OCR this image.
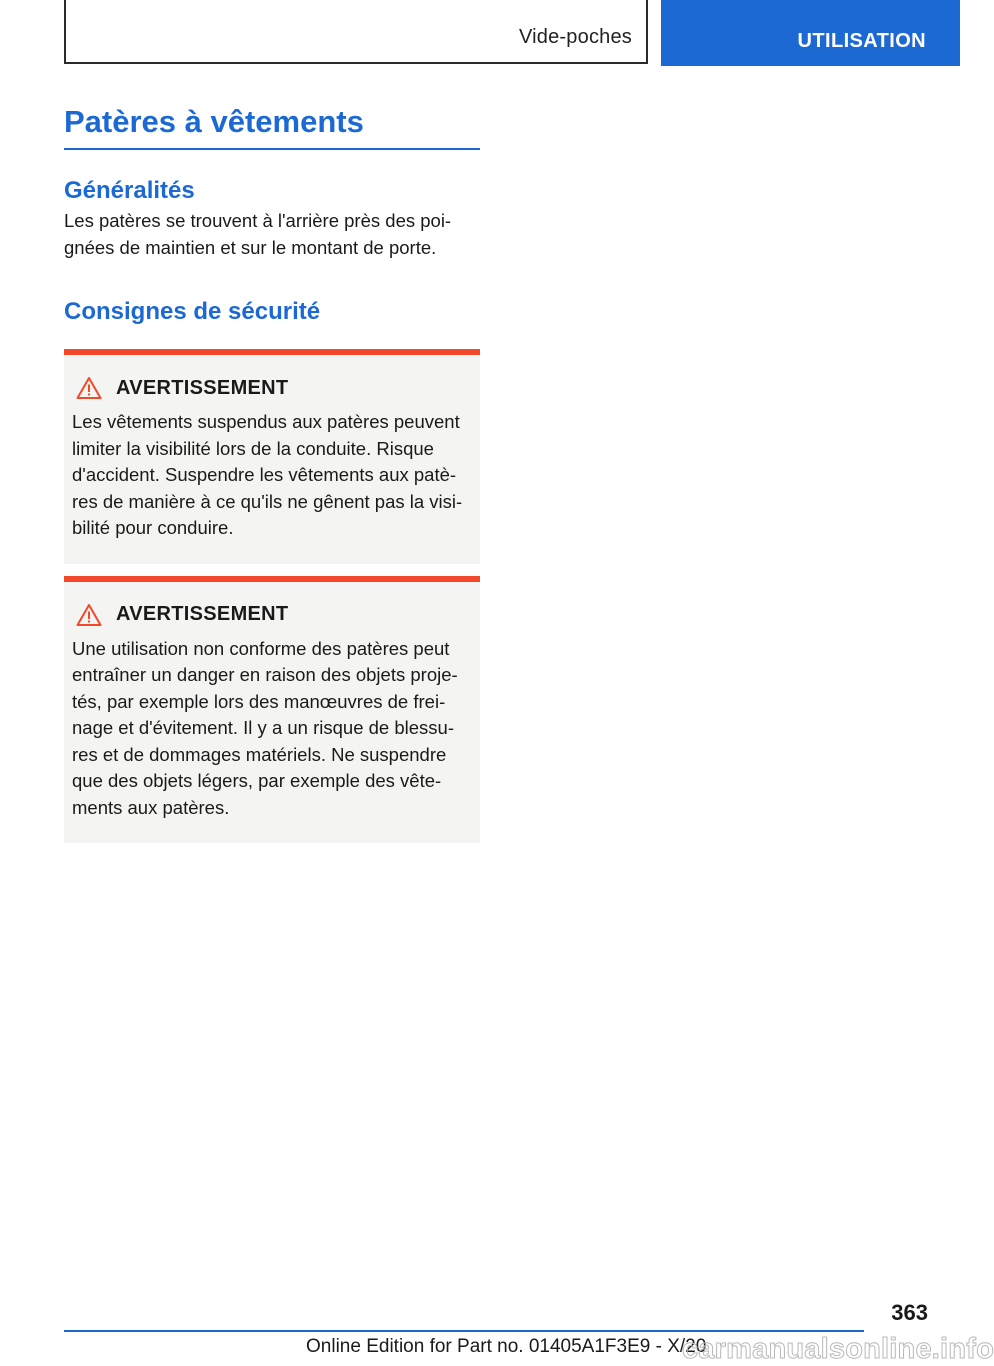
Vide-poches	UTILISATION
Patères à vêtements
Généralités

Les patères se trouvent à l'arrière près des poi-
gnées de maintien et sur le montant de porte.

Consignes de sécurité
AVERTISSEMENT

Les vêtements suspendus aux patères peuvent
limiter la visibilité lors de la conduite. Risque
d'accident. Suspendre les vêtements aux patè-
res de manière à ce qu'ils ne gênent pas la visi-
bilité pour conduire.

AVERTISSEMENT

Une utilisation non conforme des patères peut
entraîner un danger en raison des objets proje-
tés, par exemple lors des manœuvres de frei-
nage et d'évitement. Il y a un risque de blessu-
res et de dommages matériels. Ne suspendre
que des objets légers, par exemple des vête-
ments aux patères.

363
Online Edition for Part no. 01405A1F3E9 - X/20
carmanualsonline.info
